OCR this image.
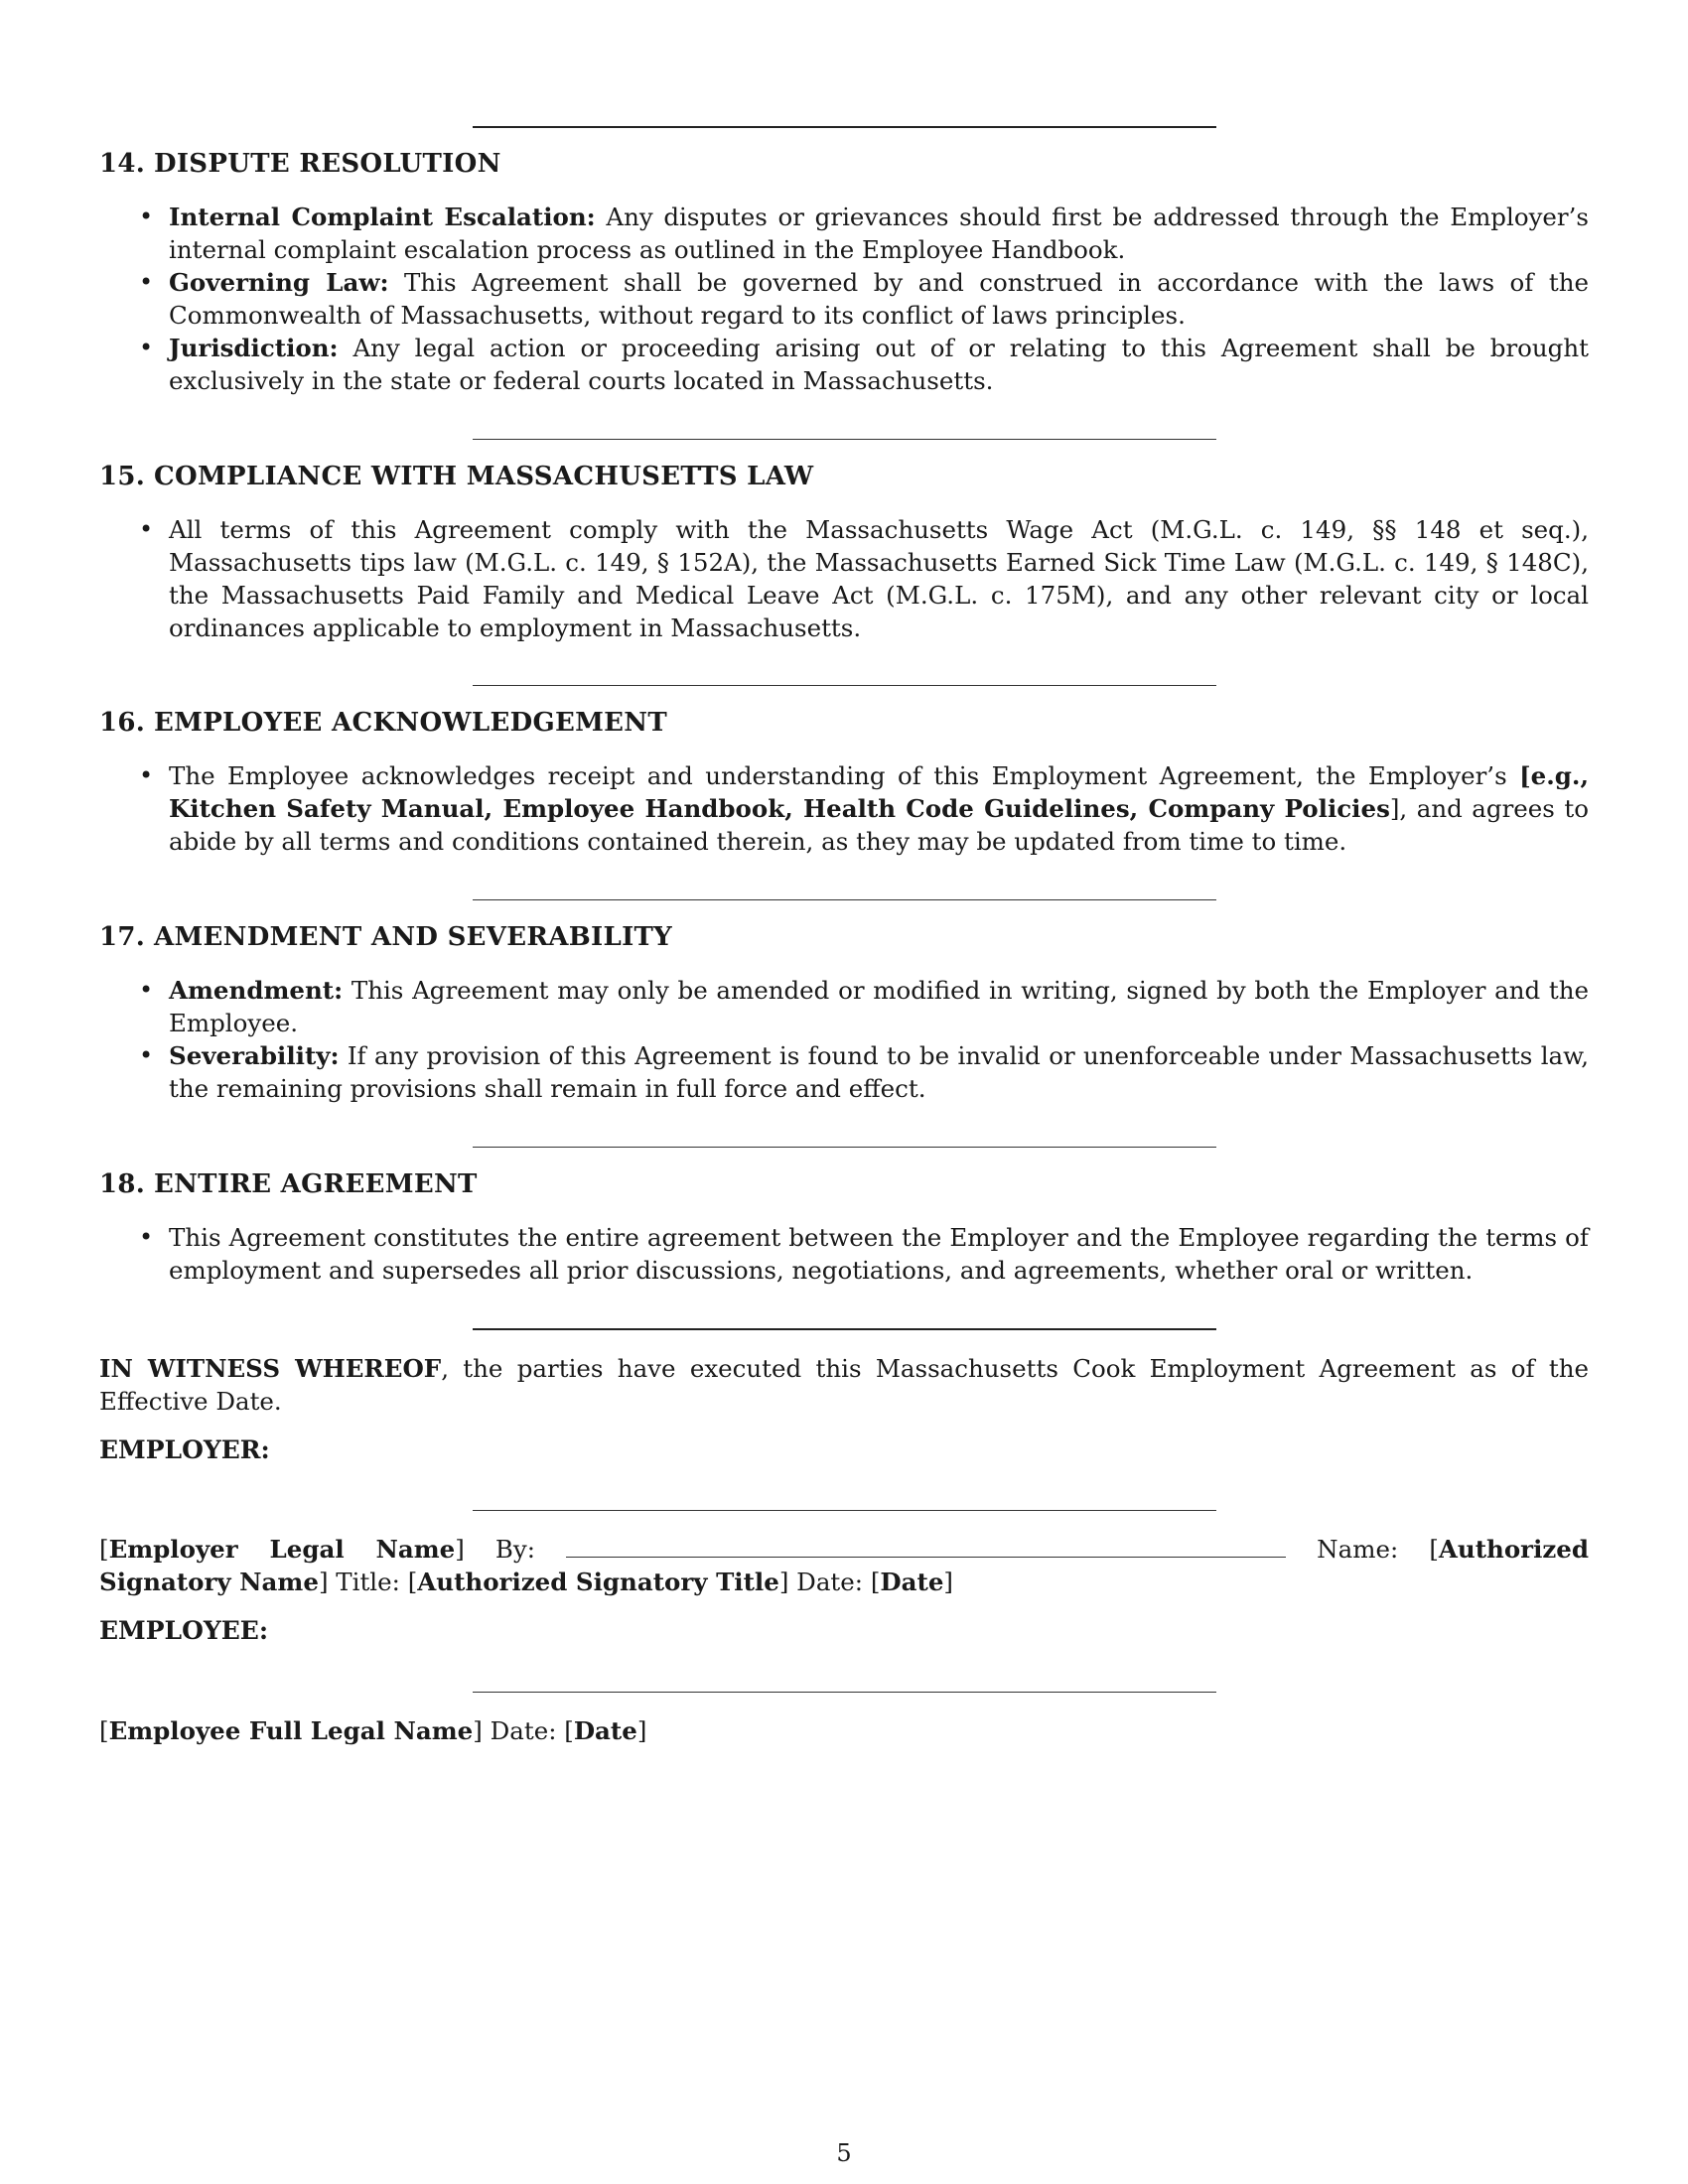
14. DISPUTE RESOLUTION
• Internal Complaint Escalation: Any disputes or grievances should first be addressed through the Employer’s internal complaint escalation process as outlined in the Employee Handbook.
• Governing Law: This Agreement shall be governed by and construed in accordance with the laws of the Commonwealth of Massachusetts, without regard to its conflict of laws principles.
• Jurisdiction: Any legal action or proceeding arising out of or relating to this Agreement shall be brought exclusively in the state or federal courts located in Massachusetts.
15. COMPLIANCE WITH MASSACHUSETTS LAW
• All terms of this Agreement comply with the Massachusetts Wage Act (M.G.L. c. 149, §§ 148 et seq.), Massachusetts tips law (M.G.L. c. 149, § 152A), the Massachusetts Earned Sick Time Law (M.G.L. c. 149, § 148C), the Massachusetts Paid Family and Medical Leave Act (M.G.L. c. 175M), and any other relevant city or local ordinances applicable to employment in Massachusetts.
16. EMPLOYEE ACKNOWLEDGEMENT
• The Employee acknowledges receipt and understanding of this Employment Agreement, the Employer’s [e.g., Kitchen Safety Manual, Employee Handbook, Health Code Guidelines, Company Policies], and agrees to abide by all terms and conditions contained therein, as they may be updated from time to time.
17. AMENDMENT AND SEVERABILITY
• Amendment: This Agreement may only be amended or modified in writing, signed by both the Employer and the Employee.
• Severability: If any provision of this Agreement is found to be invalid or unenforceable under Massachusetts law, the remaining provisions shall remain in full force and effect.
18. ENTIRE AGREEMENT
• This Agreement constitutes the entire agreement between the Employer and the Employee regarding the terms of employment and supersedes all prior discussions, negotiations, and agreements, whether oral or written.
IN WITNESS WHEREOF, the parties have executed this Massachusetts Cook Employment Agreement as of the Effective Date.
EMPLOYER:
[Employer Legal Name] By:	Name: [Authorized Signatory Name] Title: [Authorized Signatory Title] Date: [Date]
EMPLOYEE:
[Employee Full Legal Name] Date: [Date]
5
